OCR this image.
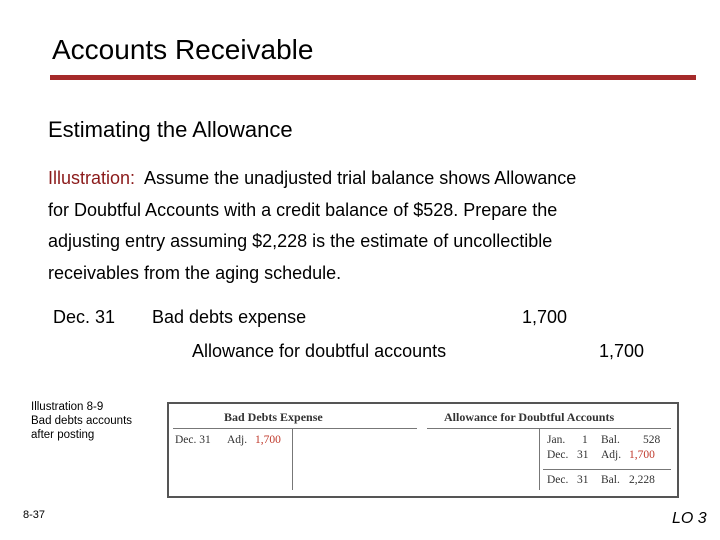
Accounts Receivable
Estimating the Allowance
Illustration:  Assume the unadjusted trial balance shows Allowance
for Doubtful Accounts with a credit balance of $528. Prepare the
adjusting entry assuming $2,228 is the estimate of uncollectible
receivables from the aging schedule.
Dec. 31 Bad debts expense	1,700
Allowance for doubtful accounts	1,700
Illustration 8-9
Bad debts accounts
after posting
Bad Debts Expense
Dec. 31 Adj. 1,700
Allowance for Doubtful Accounts
Jan. 1 Bal. 528
Dec. 31 Adj. 1,700
Dec. 31 Bal. 2,228
8-37	LO 3
